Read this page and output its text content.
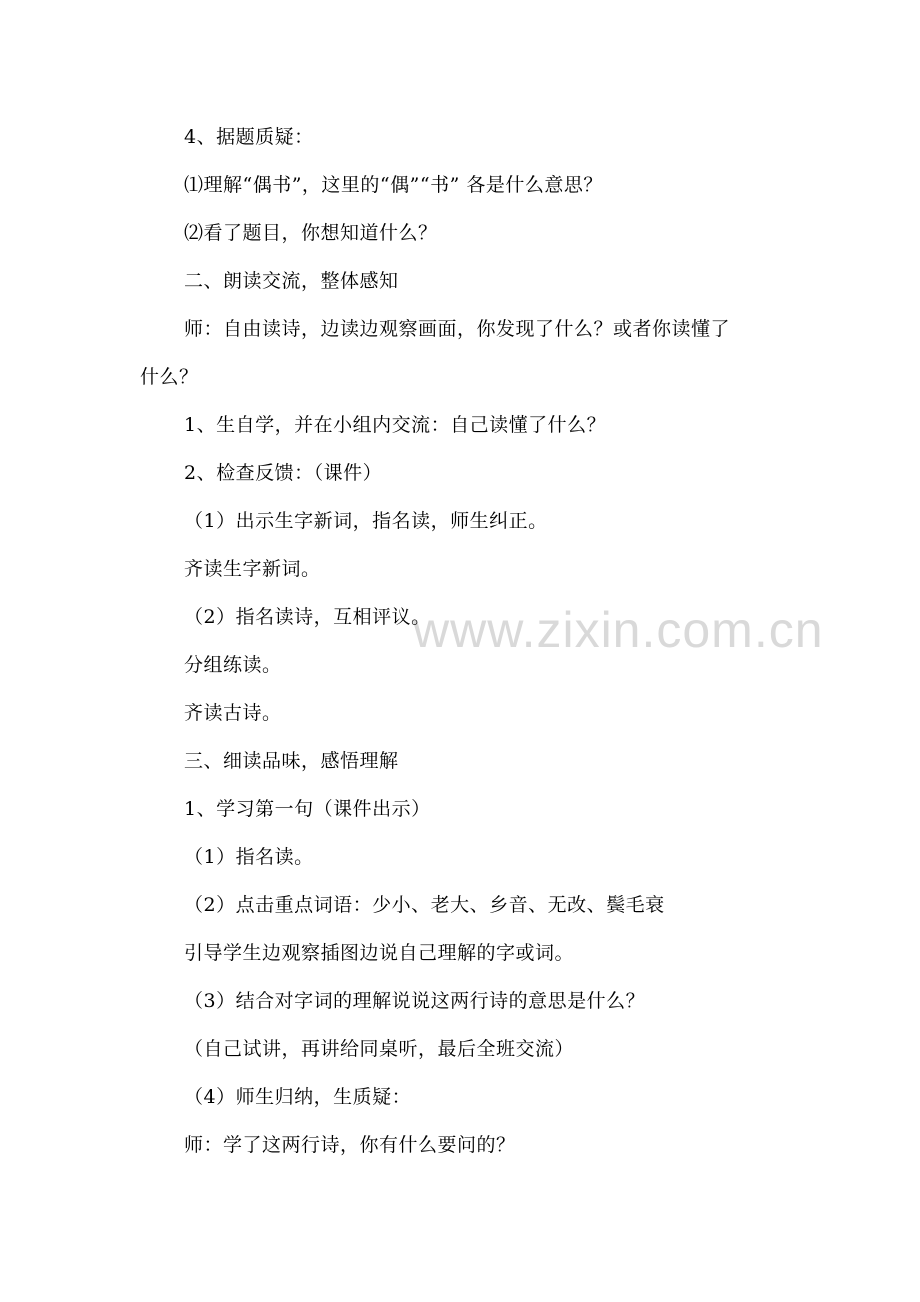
www.zixin.com.cn
4、据题质疑：
⑴理解“偶书”，这里的“偶”“书” 各是什么意思？
⑵看了题目，你想知道什么？
二、朗读交流，整体感知
师：自由读诗，边读边观察画面，你发现了什么？或者你读懂了
什么？
1、生自学，并在小组内交流：自己读懂了什么？
2、检查反馈：（课件）
（1）出示生字新词，指名读，师生纠正。
齐读生字新词。
（2）指名读诗，互相评议。
分组练读。
齐读古诗。
三、细读品味，感悟理解
1、学习第一句（课件出示）
（1）指名读。
（2）点击重点词语：少小、老大、乡音、无改、鬓毛衰
引导学生边观察插图边说自己理解的字或词。
（3）结合对字词的理解说说这两行诗的意思是什么？
（自己试讲，再讲给同桌听，最后全班交流）
（4）师生归纳，生质疑：
师：学了这两行诗，你有什么要问的？
